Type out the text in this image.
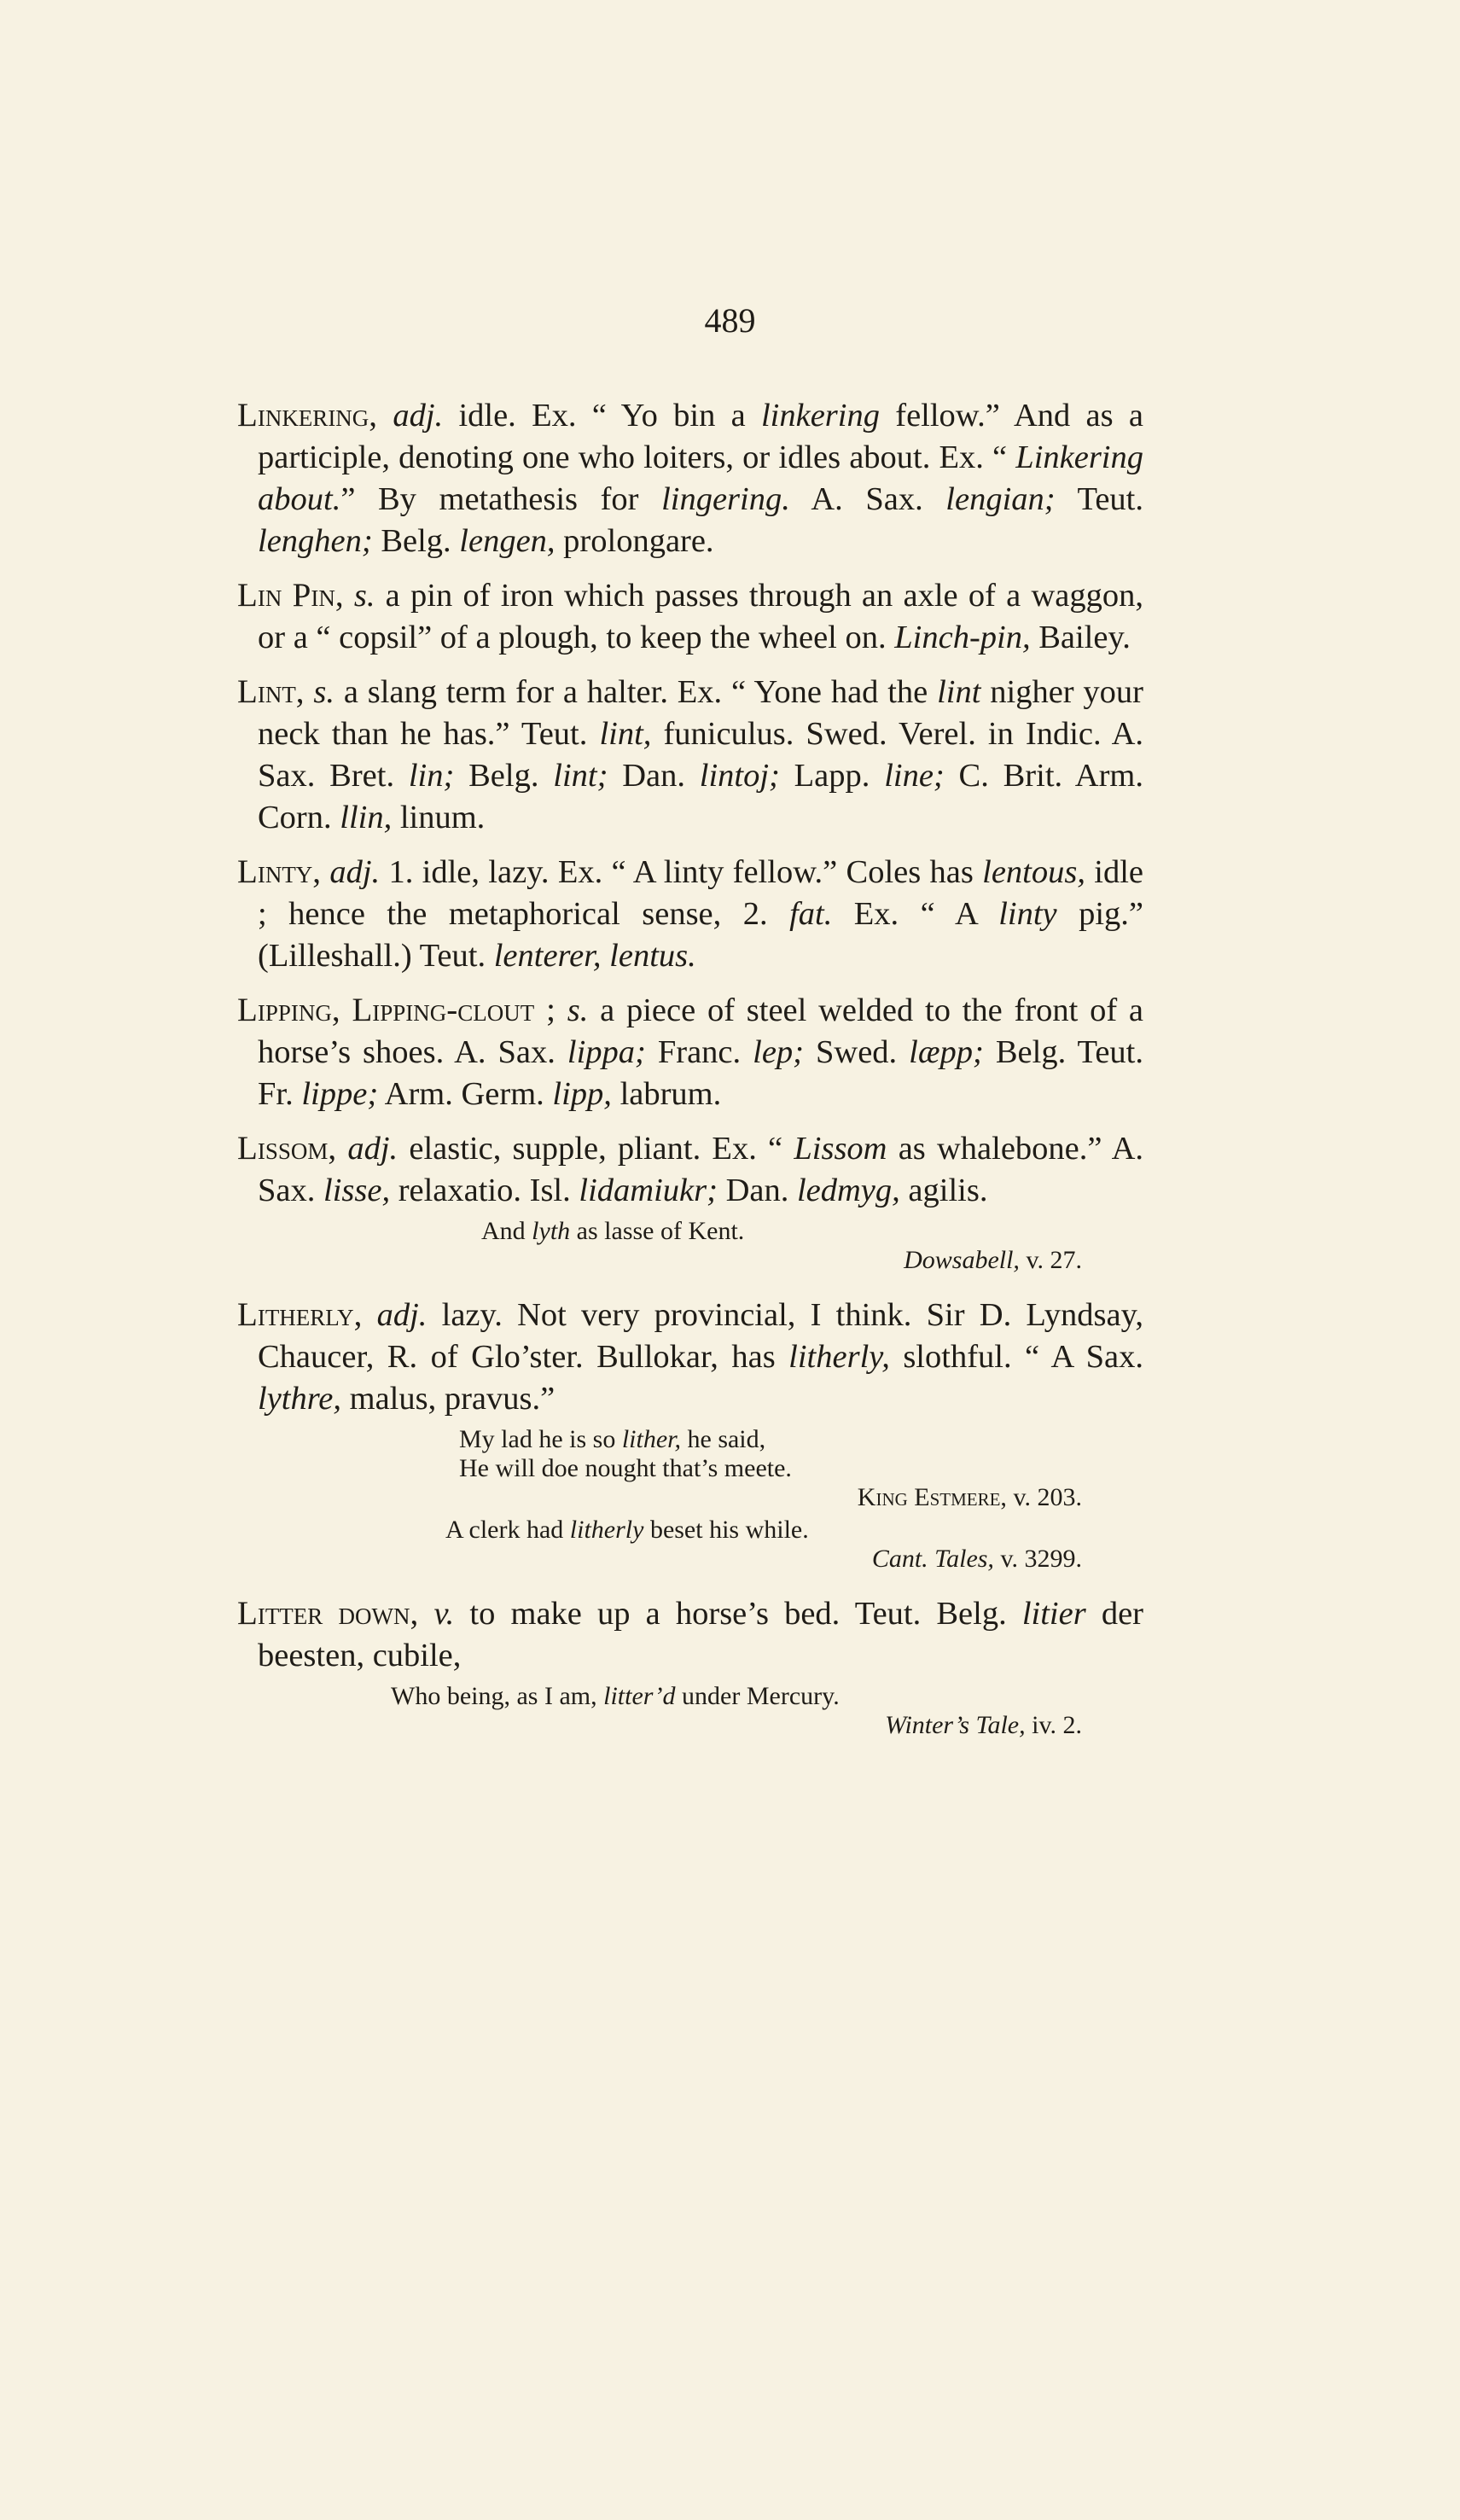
489

Linkering, adj. idle. Ex. “ Yo bin a linkering fellow.” And as a participle, denoting one who loiters, or idles about. Ex. “ Linkering about.” By metathesis for lingering. A. Sax. lengian; Teut. lenghen; Belg. lengen, prolongare.

Lin Pin, s. a pin of iron which passes through an axle of a waggon, or a “ copsil” of a plough, to keep the wheel on. Linch-pin, Bailey.

Lint, s. a slang term for a halter. Ex. “ Yone had the lint nigher your neck than he has.” Teut. lint, funiculus. Swed. Verel. in Indic. A. Sax. Bret. lin; Belg. lint; Dan. lintoj; Lapp. line; C. Brit. Arm. Corn. llin, linum.

Linty, adj. 1. idle, lazy. Ex. “ A linty fellow.” Coles has lentous, idle ; hence the metaphorical sense, 2. fat. Ex. “ A linty pig.” (Lilleshall.) Teut. lenterer, lentus.

Lipping, Lipping-clout ; s. a piece of steel welded to the front of a horse’s shoes. A. Sax. lippa; Franc. lep; Swed. læpp; Belg. Teut. Fr. lippe; Arm. Germ. lipp, labrum.

Lissom, adj. elastic, supple, pliant. Ex. “ Lissom as whalebone.” A. Sax. lisse, relaxatio. Isl. lidamiukr; Dan. ledmyg, agilis.

And lyth as lasse of Kent.
Dowsabell, v. 27.

Litherly, adj. lazy. Not very provincial, I think. Sir D. Lyndsay, Chaucer, R. of Glo’ster. Bullokar, has litherly, slothful. “ A Sax. lythre, malus, pravus.”

My lad he is so lither, he said,
He will doe nought that’s meete.
King Estmere, v. 203.
A clerk had litherly beset his while.
Cant. Tales, v. 3299.

Litter down, v. to make up a horse’s bed. Teut. Belg. litier der beesten, cubile,

Who being, as I am, litter’d under Mercury.
Winter’s Tale, iv. 2.
